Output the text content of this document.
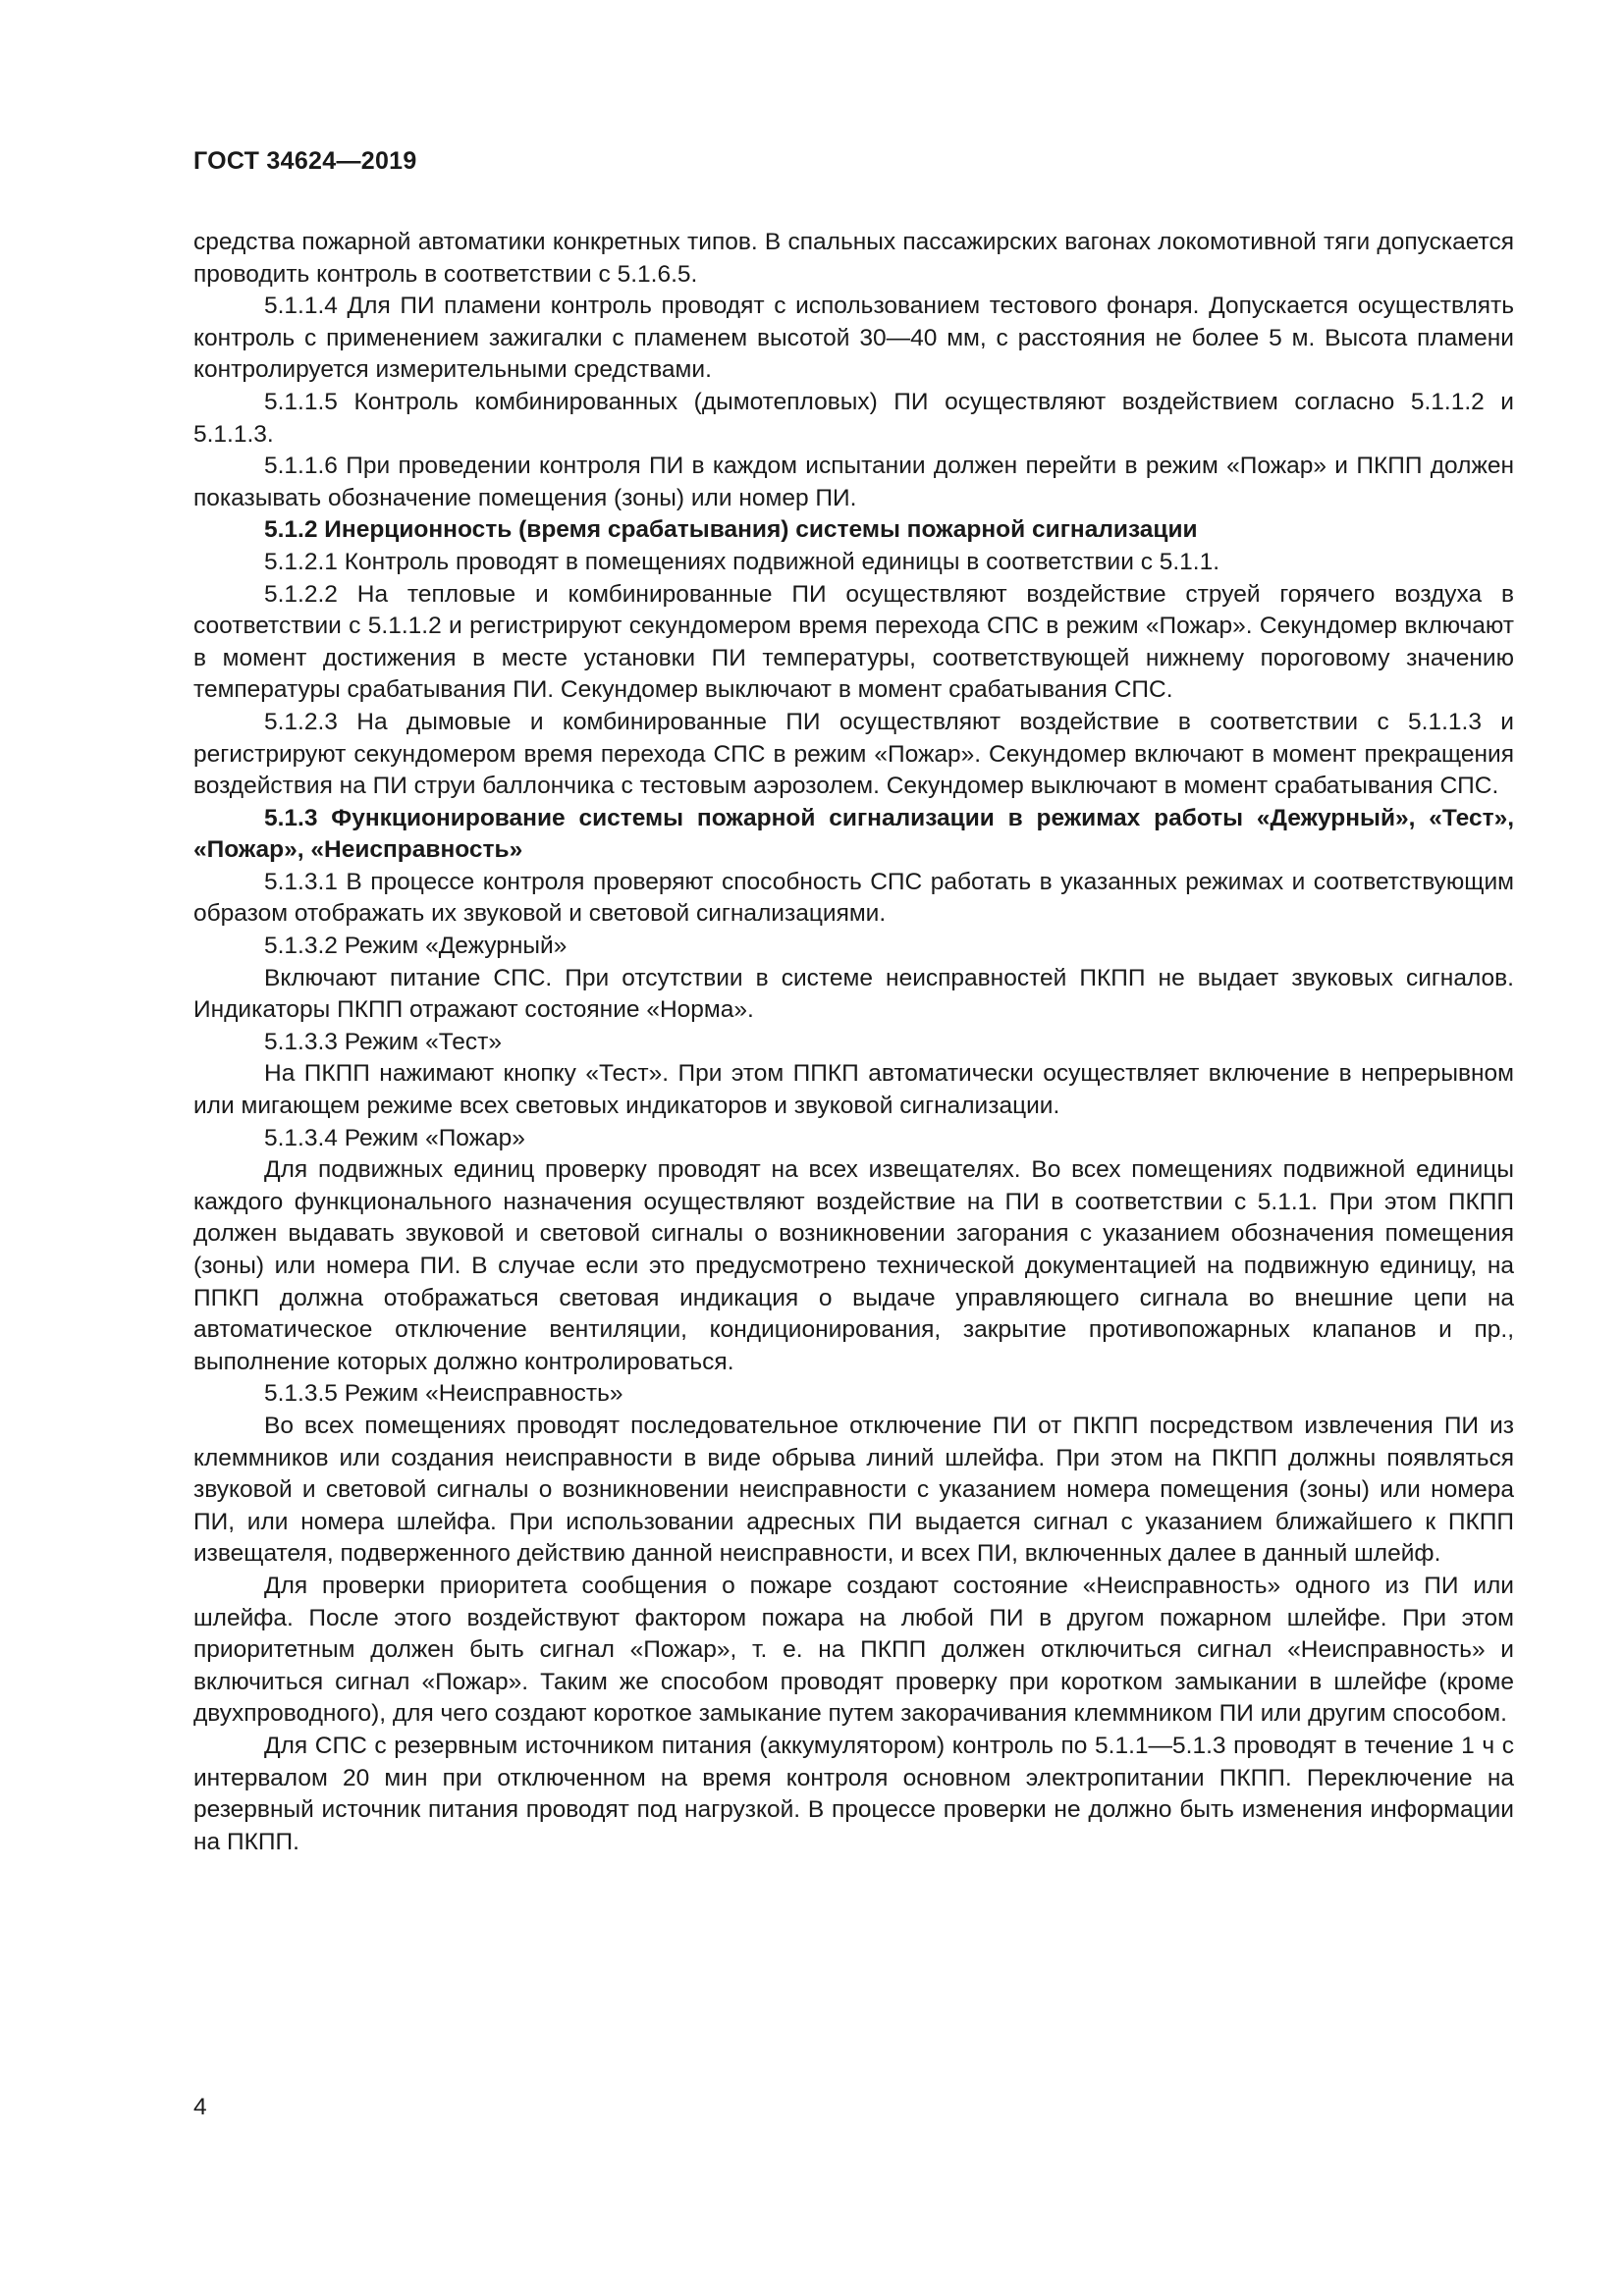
ГОСТ 34624—2019

средства пожарной автоматики конкретных типов. В спальных пассажирских вагонах локомотивной тяги допускается проводить контроль в соответствии с 5.1.6.5.

5.1.1.4 Для ПИ пламени контроль проводят с использованием тестового фонаря. Допускается осуществлять контроль с применением зажигалки с пламенем высотой 30—40 мм, с расстояния не более 5 м. Высота пламени контролируется измерительными средствами.

5.1.1.5 Контроль комбинированных (дымотепловых) ПИ осуществляют воздействием согласно 5.1.1.2 и 5.1.1.3.

5.1.1.6 При проведении контроля ПИ в каждом испытании должен перейти в режим «Пожар» и ПКПП должен показывать обозначение помещения (зоны) или номер ПИ.

5.1.2 Инерционность (время срабатывания) системы пожарной сигнализации

5.1.2.1 Контроль проводят в помещениях подвижной единицы в соответствии с 5.1.1.

5.1.2.2 На тепловые и комбинированные ПИ осуществляют воздействие струей горячего воздуха в соответствии с 5.1.1.2 и регистрируют секундомером время перехода СПС в режим «Пожар». Секундомер включают в момент достижения в месте установки ПИ температуры, соответствующей нижнему пороговому значению температуры срабатывания ПИ. Секундомер выключают в момент срабатывания СПС.

5.1.2.3 На дымовые и комбинированные ПИ осуществляют воздействие в соответствии с 5.1.1.3 и регистрируют секундомером время перехода СПС в режим «Пожар». Секундомер включают в момент прекращения воздействия на ПИ струи баллончика с тестовым аэрозолем. Секундомер выключают в момент срабатывания СПС.

5.1.3 Функционирование системы пожарной сигнализации в режимах работы «Дежурный», «Тест», «Пожар», «Неисправность»

5.1.3.1 В процессе контроля проверяют способность СПС работать в указанных режимах и соответствующим образом отображать их звуковой и световой сигнализациями.

5.1.3.2 Режим «Дежурный»

Включают питание СПС. При отсутствии в системе неисправностей ПКПП не выдает звуковых сигналов. Индикаторы ПКПП отражают состояние «Норма».

5.1.3.3 Режим «Тест»

На ПКПП нажимают кнопку «Тест». При этом ППКП автоматически осуществляет включение в непрерывном или мигающем режиме всех световых индикаторов и звуковой сигнализации.

5.1.3.4 Режим «Пожар»

Для подвижных единиц проверку проводят на всех извещателях. Во всех помещениях подвижной единицы каждого функционального назначения осуществляют воздействие на ПИ в соответствии с 5.1.1. При этом ПКПП должен выдавать звуковой и световой сигналы о возникновении загорания с указанием обозначения помещения (зоны) или номера ПИ. В случае если это предусмотрено технической документацией на подвижную единицу, на ППКП должна отображаться световая индикация о выдаче управляющего сигнала во внешние цепи на автоматическое отключение вентиляции, кондиционирования, закрытие противопожарных клапанов и пр., выполнение которых должно контролироваться.

5.1.3.5 Режим «Неисправность»

Во всех помещениях проводят последовательное отключение ПИ от ПКПП посредством извлечения ПИ из клеммников или создания неисправности в виде обрыва линий шлейфа. При этом на ПКПП должны появляться звуковой и световой сигналы о возникновении неисправности с указанием номера помещения (зоны) или номера ПИ, или номера шлейфа. При использовании адресных ПИ выдается сигнал с указанием ближайшего к ПКПП извещателя, подверженного действию данной неисправности, и всех ПИ, включенных далее в данный шлейф.

Для проверки приоритета сообщения о пожаре создают состояние «Неисправность» одного из ПИ или шлейфа. После этого воздействуют фактором пожара на любой ПИ в другом пожарном шлейфе. При этом приоритетным должен быть сигнал «Пожар», т. е. на ПКПП должен отключиться сигнал «Неисправность» и включиться сигнал «Пожар». Таким же способом проводят проверку при коротком замыкании в шлейфе (кроме двухпроводного), для чего создают короткое замыкание путем закорачивания клеммником ПИ или другим способом.

Для СПС с резервным источником питания (аккумулятором) контроль по 5.1.1—5.1.3 проводят в течение 1 ч с интервалом 20 мин при отключенном на время контроля основном электропитании ПКПП. Переключение на резервный источник питания проводят под нагрузкой. В процессе проверки не должно быть изменения информации на ПКПП.

4
